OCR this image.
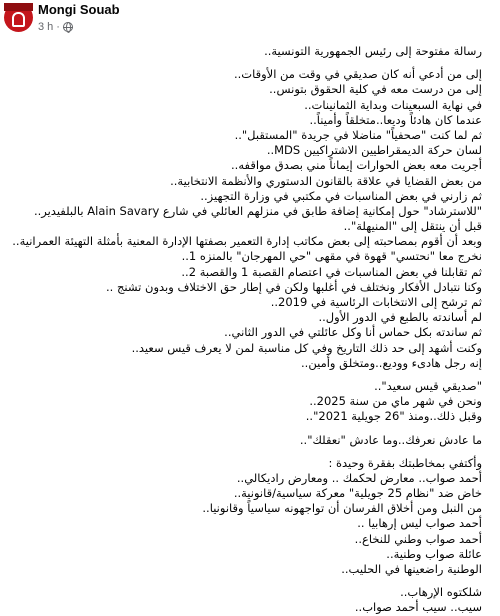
Mongi Souab
3 h ·
رسالة مفتوحة إلى رئيس الجمهورية التونسية..
إلى من أدعي أنه كان صديقي في وقت من الأوقات..
إلى من درست معه في كلية الحقوق بتونس..
في نهاية السبعينات وبداية الثمانينات..
عندما كان هادئاً وديعا..متخلقاً وأميناً..
ثم لما كنت "صحفياً" مناضلا في جريدة "المستقبل"..
لسان حركة الديمقراطيين الاشتراكيين MDS..
أجريت معه بعض الحوارات إيماناً مني بصدق مواقفه..
من بعض القضايا في علاقة بالقانون الدستوري والأنظمة الانتخابية..
ثم زارني في بعض المناسبات في مكتبي في وزارة التجهيز..
"للاسترشاد" حول إمكانية إضافة طابق في منزلهم العائلي في شارع Alain Savary بالبلفيدير..
قبل أن ينتقل إلى "المنيهلة"..
وبعد أن أقوم بمصاحبته إلى بعض مكاتب إدارة التعمير بصفتها الإدارة المعنية بأمثلة التهيئة العمرانية..
نخرج معا "نحتسي" قهوة في مقهى "حي المهرجان" بالمنزه 1..
ثم تقابلنا في بعض المناسبات في اعتصام القصبة 1 والقصبة 2..
وكنا نتبادل الأفكار ونختلف في أغلبها ولكن في إطار حق الاختلاف وبدون تشنج ..
ثم ترشح إلى الانتخابات الرئاسية في 2019..
لم أساندته بالطبع في الدور الأول..
ثم ساندته بكل حماس أنا وكل عائلتي في الدور الثاني..
وكنت أشهد إلى حد ذلك التاريخ وفي كل مناسبة لمن لا يعرف قيس سعيد..
إنه رجل هادىء ووديع..ومتخلق وأمين..
"صديقي قيس سعيد"..
ونحن في شهر ماي من سنة 2025..
وقبل ذلك..ومنذ "26 جويلية 2021"..
ما عادش نعرفك..وما عادش "نعقلك"..
وأكتفي بمخاطبتك بفقرة وحيدة :
أحمد صواب.. معارض لحكمك .. ومعارض راديكالي..
خاض ضد "نظام 25 جويلية" معركة سياسية/قانونية..
من النبل ومن أخلاق الفرسان أن تواجهونه سياسياً وقانونيا..
أحمد صواب ليس إرهابيا ..
أحمد صواب وطني للنخاع..
عائلة صواب وطنية..
الوطنية راضعينها في الحليب..
شلكتوه الإرهاب..
سيب.. سيب أحمد صواب..
